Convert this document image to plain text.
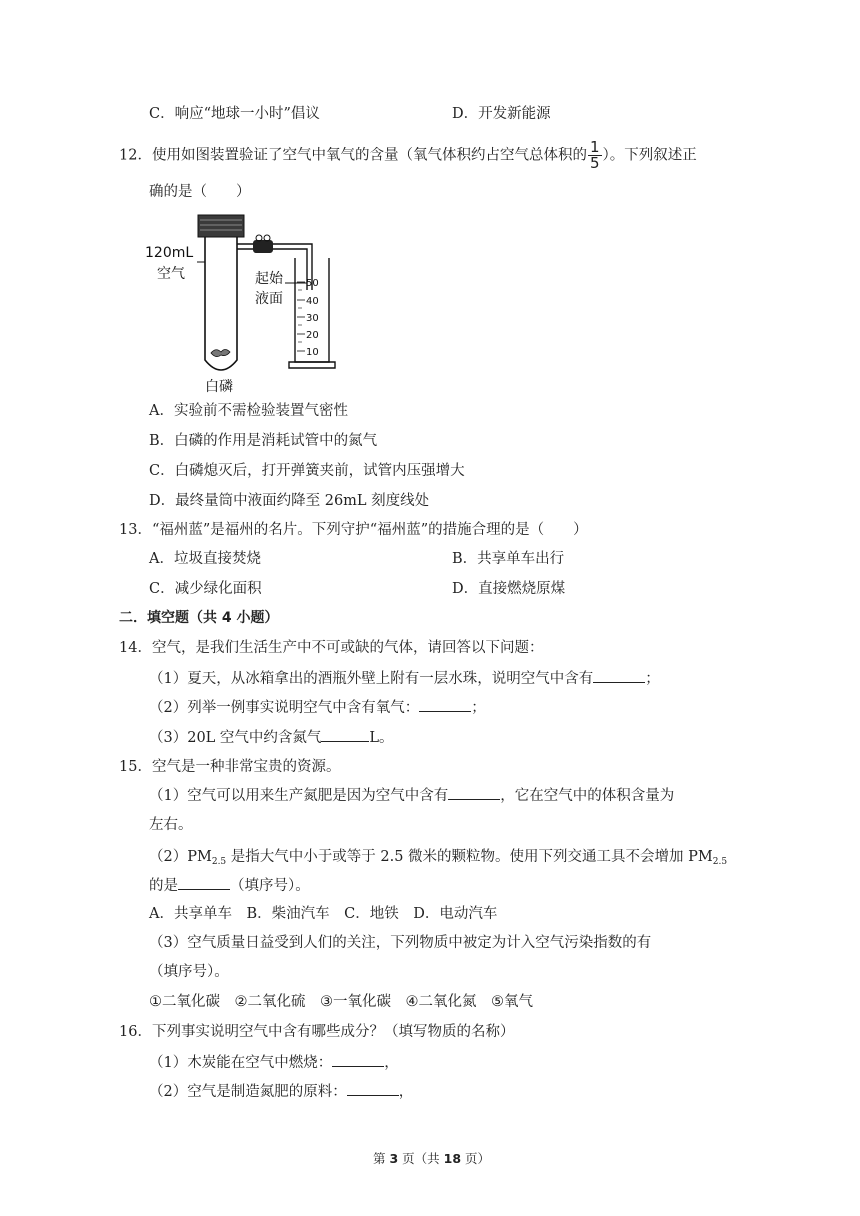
C．响应“地球一小时”倡议	D．开发新能源
12．使用如图装置验证了空气中氧气的含量（氧气体积约占空气总体积的 $\frac{1}{5}$ ）。下列叙述正
确的是（　　）
50
40
30
20
10
120mL
空气	起始
液面
白磷
A．实验前不需检验装置气密性
B．白磷的作用是消耗试管中的氮气
C．白磷熄灭后，打开弹簧夹前，试管内压强增大
D．最终量筒中液面约降至 26mL 刻度线处
13．“福州蓝”是福州的名片。下列守护“福州蓝”的措施合理的是（　　）
A．垃圾直接焚烧	B．共享单车出行
C．减少绿化面积	D．直接燃烧原煤
二．填空题（共 4 小题）
14．空气，是我们生活生产中不可或缺的气体，请回答以下问题：
（1）夏天，从冰箱拿出的酒瓶外壁上附有一层水珠，说明空气中含有	；
（2）列举一例事实说明空气中含有氧气：	；
（3）20L 空气中约含氮气	L。
15．空气是一种非常宝贵的资源。
（1）空气可以用来生产氮肥是因为空气中含有	，它在空气中的体积含量为
左右。
$(2)PM_{2.5}$ 是指大气中小于或等于 2.5 微米的颗粒物。使用下列交通工具不会增加 $PM_{2.5}$
的是	（填序号）。
A．共享单车　B．柴油汽车　C．地铁　D．电动汽车
（3）空气质量日益受到人们的关注，下列物质中被定为计入空气污染指数的有
（填序号）。
①二氧化碳　②二氧化硫　③一氧化碳　④二氧化氮　⑤氧气
16．下列事实说明空气中含有哪些成分？（填写物质的名称）
（1）木炭能在空气中燃烧：	，
（2）空气是制造氮肥的原料：	，
第 3 页（共 18 页）
